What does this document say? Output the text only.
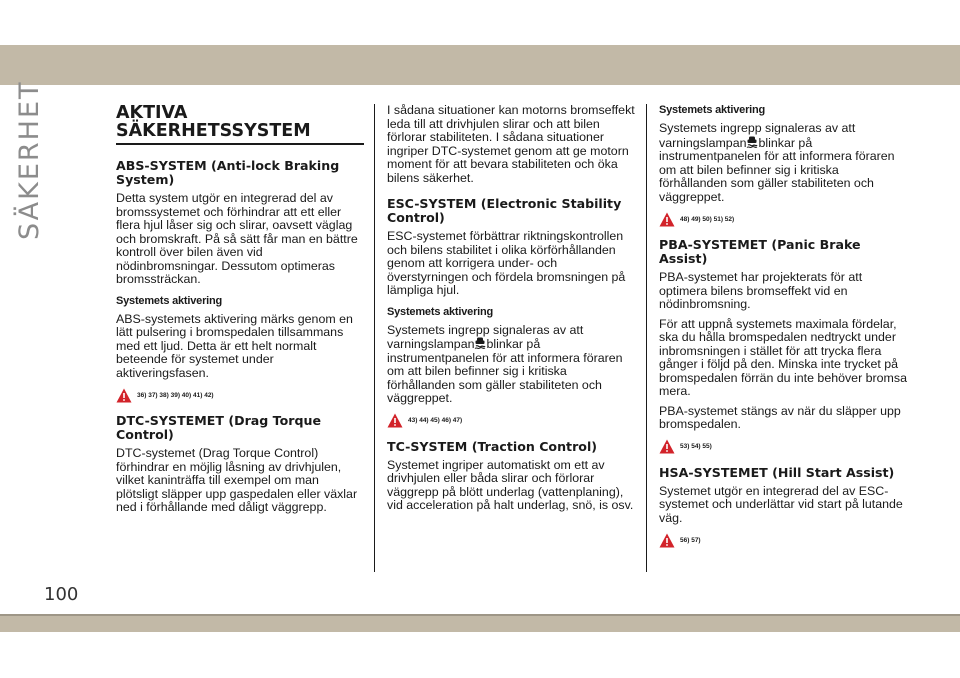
SÄKERHET
100
AKTIVA SÄKERHETSSYSTEM
ABS-SYSTEM (Anti-lock Braking System)

Detta system utgör en integrerad del av bromssystemet och förhindrar att ett eller flera hjul låser sig och slirar, oavsett väglag och bromskraft. På så sätt får man en bättre kontroll över bilen även vid nödinbromsningar. Dessutom optimeras bromssträckan.

Systemets aktivering

ABS-systemets aktivering märks genom en lätt pulsering i bromspedalen tillsammans med ett ljud. Detta är ett helt normalt beteende för systemet under aktiveringsfasen.

36) 37) 38) 39) 40) 41) 42)
DTC-SYSTEMET (Drag Torque Control)

DTC-systemet (Drag Torque Control) förhindrar en möjlig låsning av drivhjulen, vilket kaninträffa till exempel om man plötsligt släpper upp gaspedalen eller växlar ned i förhållande med dåligt väggrepp.

I sådana situationer kan motorns bromseffekt leda till att drivhjulen slirar och att bilen förlorar stabiliteten. I sådana situationer ingriper DTC-systemet genom att ge motorn moment för att bevara stabiliteten och öka bilens säkerhet.

ESC-SYSTEM (Electronic Stability Control)

ESC-systemet förbättrar riktningskontrollen och bilens stabilitet i olika körförhållanden genom att korrigera under- och överstyrningen och fördela bromsningen på lämpliga hjul.

Systemets aktivering

Systemets ingrepp signaleras av att varningslampan blinkar på instrumentpanelen för att informera föraren om att bilen befinner sig i kritiska förhållanden som gäller stabiliteten och väggreppet.

43) 44) 45) 46) 47)
TC-SYSTEM (Traction Control)

Systemet ingriper automatiskt om ett av drivhjulen eller båda slirar och förlorar väggrepp på blött underlag (vattenplaning), vid acceleration på halt underlag, snö, is osv.

Systemets aktivering

Systemets ingrepp signaleras av att varningslampan blinkar på instrumentpanelen för att informera föraren om att bilen befinner sig i kritiska förhållanden som gäller stabiliteten och väggreppet.

48) 49) 50) 51) 52)
PBA-SYSTEMET (Panic Brake Assist)

PBA-systemet har projekterats för att optimera bilens bromseffekt vid en nödinbromsning.

För att uppnå systemets maximala fördelar, ska du hålla bromspedalen nedtryckt under inbromsningen i stället för att trycka flera gånger i följd på den. Minska inte trycket på bromspedalen förrän du inte behöver bromsa mera.

PBA-systemet stängs av när du släpper upp bromspedalen.

53) 54) 55)
HSA-SYSTEMET (Hill Start Assist)

Systemet utgör en integrerad del av ESC-systemet och underlättar vid start på lutande väg.

56) 57)
